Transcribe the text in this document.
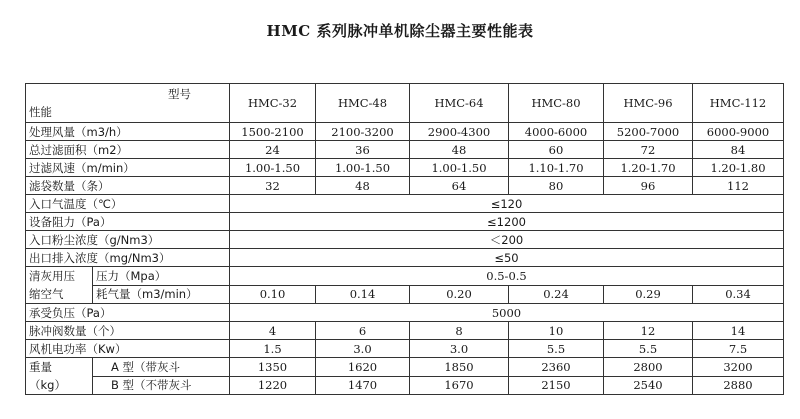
HMC 系列脉冲单机除尘器主要性能表
型号
性能		HMC-32	HMC-48	HMC-64	HMC-80	HMC-96	HMC-112
处理风量（m3/h）		1500-2100	2100-3200	2900-4300	4000-6000	5200-7000	6000-9000
总过滤面积（m2）		24	36	48	60	72	84
过滤风速（m/min）		1.00-1.50	1.00-1.50	1.00-1.50	1.10-1.70	1.20-1.70	1.20-1.80
滤袋数量（条）		32	48	64	80	96	112
入口气温度（℃）		≤120					
设备阻力（Pa）		≤1200					
入口粉尘浓度（g/Nm3）		＜200					
出口排入浓度（mg/Nm3）		≤50					

清灰用压
缩空气	压力（Mpa）	0.5-0.5					
	耗气量（m3/min）	0.10	0.14	0.20	0.24	0.29	0.34
承受负压（Pa）		5000					
脉冲阀数量（个）		4	6	8	10	12	14
风机电功率（Kw）		1.5	3.0	3.0	5.5	5.5	7.5

重量
（kg）	A 型（带灰斗	1350	1620	1850	2360	2800	3200
	B 型（不带灰斗	1220	1470	1670	2150	2540	2880
